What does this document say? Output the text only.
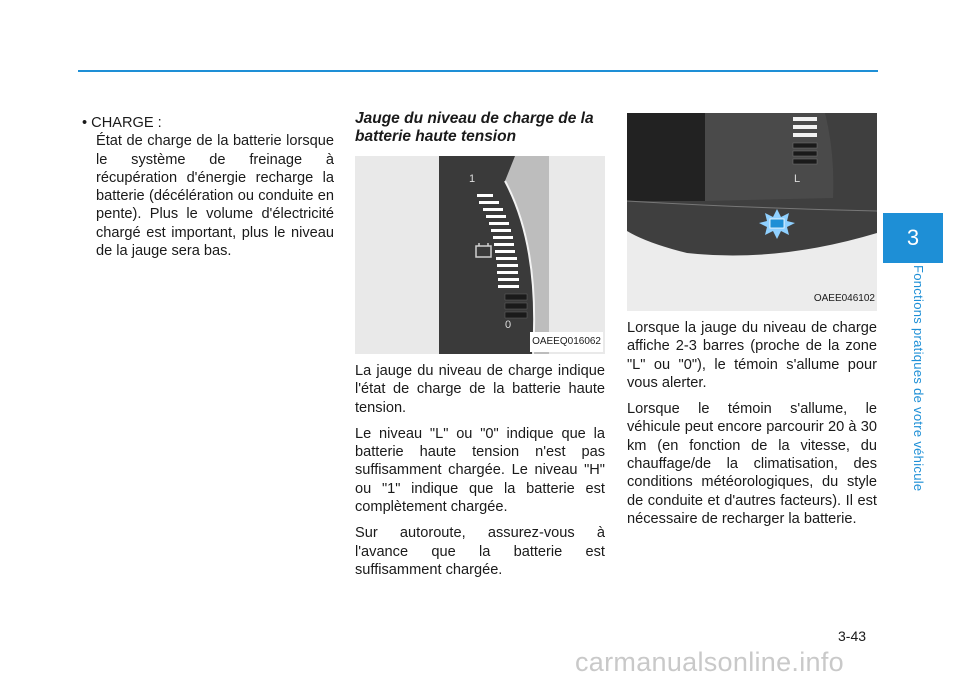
3
Fonctions pratiques de votre véhicule
• CHARGE :
État de charge de la batterie lorsque le système de freinage à récupération d'énergie recharge la batterie (décélération ou conduite en pente). Plus le volume d'électricité chargé est important, plus le niveau de la jauge sera bas.
Jauge du niveau de charge de la batterie haute tension
1
0
OAEEQ016062

La jauge du niveau de charge indique l'état de charge de la batterie haute tension.

Le niveau "L" ou "0" indique que la batterie haute tension n'est pas suffisamment chargée. Le niveau "H" ou "1" indique que la batterie est complètement chargée.

Sur autoroute, assurez-vous à l'avance que la batterie est suffisamment chargée.

L
OAEE046102

Lorsque la jauge du niveau de charge affiche 2-3 barres (proche de la zone "L" ou "0"), le témoin s'allume pour vous alerter.

Lorsque le témoin s'allume, le véhicule peut encore parcourir 20 à 30 km (en fonction de la vitesse, du chauffage/de la climatisation, des conditions météorologiques, du style de conduite et d'autres facteurs). Il est nécessaire de recharger la batterie.

3-43
carmanualsonline.info
